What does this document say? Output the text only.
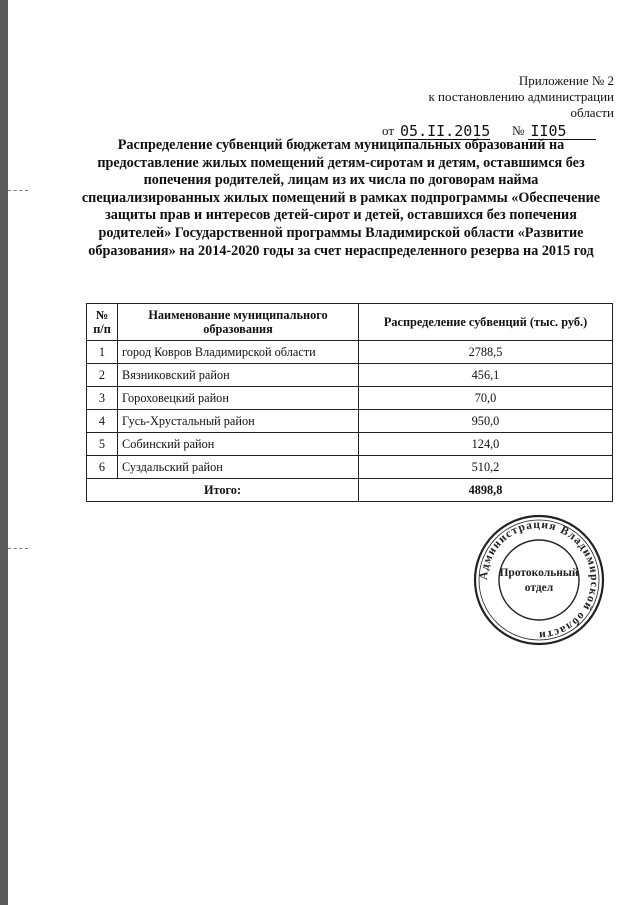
Приложение № 2
к постановлению администрации области
от 05.II.2015 № II05
Распределение субвенций бюджетам муниципальных образований на предоставление жилых помещений детям-сиротам и детям, оставшимся без попечения родителей, лицам из их числа по договорам найма специализированных жилых помещений в рамках подпрограммы «Обеспечение защиты прав и интересов детей-сирот и детей, оставшихся без попечения родителей» Государственной программы Владимирской области «Развитие образования» на 2014-2020 годы за счет нераспределенного резерва на 2015 год
№ п/п	Наименование муниципального образования	Распределение субвенций (тыс. руб.)
1	город Ковров Владимирской области	2788,5
2	Вязниковский район	456,1
3	Гороховецкий район	70,0
4	Гусь-Хрустальный район	950,0
5	Собинский район	124,0
6	Суздальский район	510,2
Итого:		4898,8
Администрация Владимирской области
Протокольный
отдел
